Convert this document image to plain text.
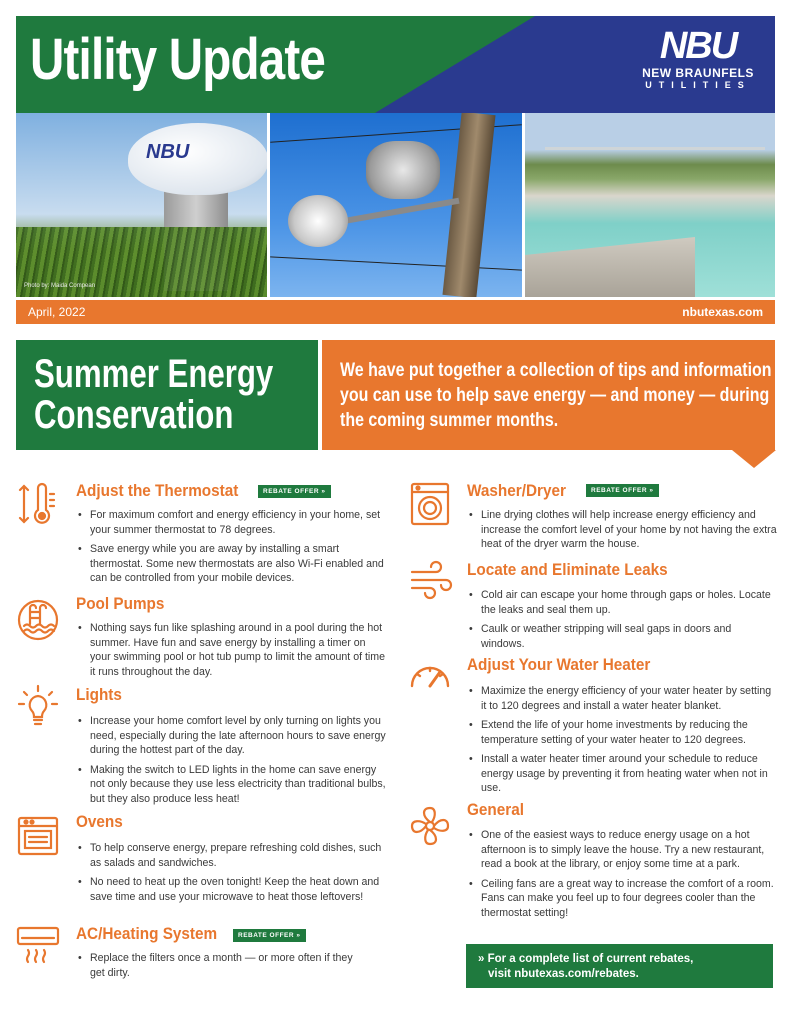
Utility Update	NBU
NEW BRAUNFELS
UTILITIES
NBU
Photo by: Maida Compean
April, 2022	nbutexas.com
Summer Energy
Conservation
We have put together a collection of tips and information you can use to help save energy — and money — during the coming summer months.
Adjust the Thermostat	REBATE OFFER »
• For maximum comfort and energy efficiency in your home, set your summer thermostat to 78 degrees.
• Save energy while you are away by installing a smart thermostat. Some new thermostats are also Wi-Fi enabled and can be controlled from your mobile devices.
Pool Pumps
• Nothing says fun like splashing around in a pool during the hot summer. Have fun and save energy by installing a timer on your swimming pool or hot tub pump to limit the amount of time it runs throughout the day.
Lights
• Increase your home comfort level by only turning on lights you need, especially during the late afternoon hours to save energy during the hottest part of the day.
• Making the switch to LED lights in the home can save energy not only because they use less electricity than traditional bulbs, but they also produce less heat!
Ovens
• To help conserve energy, prepare refreshing cold dishes, such as salads and sandwiches.
• No need to heat up the oven tonight! Keep the heat down and save time and use your microwave to heat those leftovers!
AC/Heating System	REBATE OFFER »
• Replace the filters once a month — or more often if they get dirty.
Washer/Dryer	REBATE OFFER »
• Line drying clothes will help increase energy efficiency and increase the comfort level of your home by not having the extra heat of the dryer warm the house.
Locate and Eliminate Leaks
• Cold air can escape your home through gaps or holes. Locate the leaks and seal them up.
• Caulk or weather stripping will seal gaps in doors and windows.
Adjust Your Water Heater
• Maximize the energy efficiency of your water heater by setting it to 120 degrees and install a water heater blanket.
• Extend the life of your home investments by reducing the temperature setting of your water heater to 120 degrees.
• Install a water heater timer around your schedule to reduce energy usage by preventing it from heating water when not in use.
General
• One of the easiest ways to reduce energy usage on a hot afternoon is to simply leave the house. Try a new restaurant, read a book at the library, or enjoy some time at a park.
• Ceiling fans are a great way to increase the comfort of a room. Fans can make you feel up to four degrees cooler than the thermostat setting!
» For a complete list of current rebates,
visit nbutexas.com/rebates.
